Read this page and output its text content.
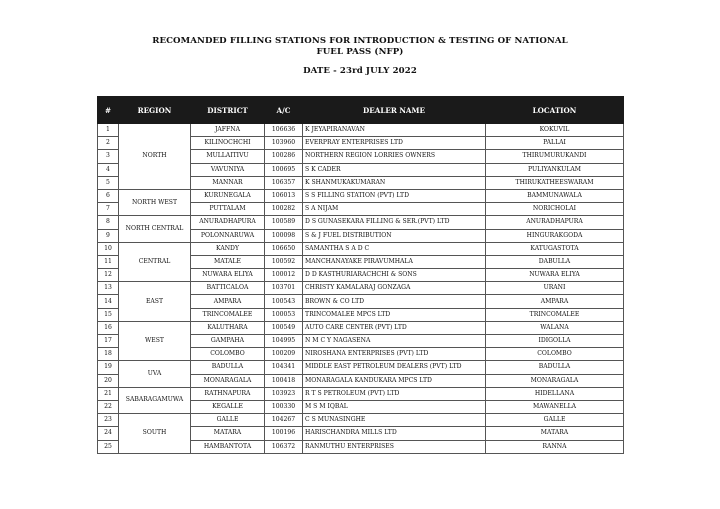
RECOMANDED FILLING STATIONS FOR INTRODUCTION & TESTING OF NATIONAL
FUEL PASS (NFP)
DATE - 23rd JULY 2022
#	REGION	DISTRICT	A/C	DEALER NAME	LOCATION
1	NORTH	JAFFNA	106636	K JEYAPIRANAVAN	KOKUVIL
2		KILINOCHCHI	103960	EVERPRAY ENTERPRISES LTD	PALLAI
3		MULLAITIVU	100286	NORTHERN REGION LORRIES OWNERS	THIRUMURUKANDI
4		VAVUNIYA	100695	S K CADER	PULIYANKULAM
5		MANNAR	106357	K SHANMUKAKUMARAN	THIRUKATHEESWARAM
6	NORTH WEST	KURUNEGALA	106013	S S FILLING STATION (PVT) LTD	BAMMUNAWALA
7		PUTTALAM	100282	S A NIJAM	NORICHOLAI
8	NORTH CENTRAL	ANURADHAPURA	100589	D S GUNASEKARA FILLING & SER.(PVT) LTD	ANURADHAPURA
9		POLONNARUWA	100098	S & J FUEL DISTRIBUTION	HINGURAKGODA
10	CENTRAL	KANDY	106650	SAMANTHA S A D C	KATUGASTOTA
11		MATALE	100592	MANCHANAYAKE PIRAVUMHALA	DABULLA
12		NUWARA ELIYA	100012	D D KASTHURIARACHCHI & SONS	NUWARA ELIYA
13	EAST	BATTICALOA	103701	CHRISTY KAMALARAJ GONZAGA	URANI
14		AMPARA	100543	BROWN & CO LTD	AMPARA
15		TRINCOMALEE	100053	TRINCOMALEE MPCS LTD	TRINCOMALEE
16	WEST	KALUTHARA	100549	AUTO CARE CENTER (PVT) LTD	WALANA
17		GAMPAHA	104995	N M C Y NAGASENA	IDIGOLLA
18		COLOMBO	100209	NIROSHANA ENTERPRISES (PVT) LTD	COLOMBO
19	UVA	BADULLA	104341	MIDDLE EAST PETROLEUM DEALERS (PVT) LTD	BADULLA
20		MONARAGALA	100418	MONARAGALA KANDUKARA MPCS LTD	MONARAGALA
21	SABARAGAMUWA	RATHNAPURA	103923	R T S PETROLEUM (PVT) LTD	HIDELLANA
22		KEGALLE	100330	M S M IQBAL	MAWANELLA
23	SOUTH	GALLE	104267	C S MUNASINGHE	GALLE
24		MATARA	100196	HARISCHANDRA MILLS LTD	MATARA
25		HAMBANTOTA	106372	RANMUTHU ENTERPRISES	RANNA
